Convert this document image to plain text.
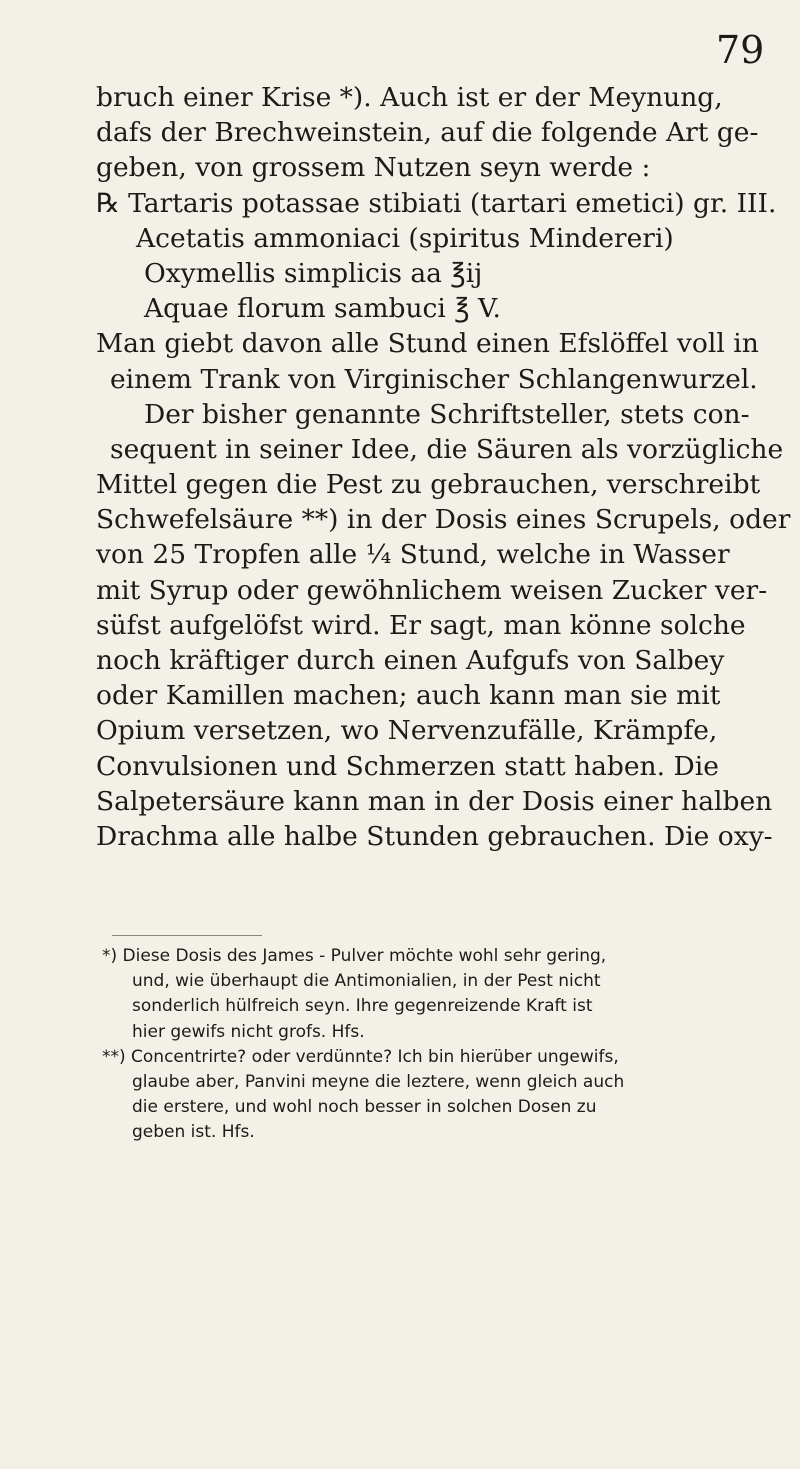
79
bruch einer Krise *). Auch ist er der Meynung,
dafs der Brechweinstein, auf die folgende Art ge-
geben, von grossem Nutzen seyn werde :
℞ Tartaris potassae stibiati (tartari emetici) gr. III.
Acetatis ammoniaci (spiritus Mindereri)
Oxymellis simplicis aa ℥ij
Aquae florum sambuci ℥ V.
Man giebt davon alle Stund einen Efslöffel voll in
einem Trank von Virginischer Schlangenwurzel.
Der bisher genannte Schriftsteller, stets con-
sequent in seiner Idee, die Säuren als vorzügliche
Mittel gegen die Pest zu gebrauchen, verschreibt
Schwefelsäure **) in der Dosis eines Scrupels, oder
von 25 Tropfen alle ¼ Stund, welche in Wasser
mit Syrup oder gewöhnlichem weisen Zucker ver-
süfst aufgelöfst wird. Er sagt, man könne solche
noch kräftiger durch einen Aufgufs von Salbey
oder Kamillen machen; auch kann man sie mit
Opium versetzen, wo Nervenzufälle, Krämpfe,
Convulsionen und Schmerzen statt haben. Die
Salpetersäure kann man in der Dosis einer halben
Drachma alle halbe Stunden gebrauchen. Die oxy-
*) Diese Dosis des James - Pulver möchte wohl sehr gering,
und, wie überhaupt die Antimonialien, in der Pest nicht
sonderlich hülfreich seyn. Ihre gegenreizende Kraft ist
hier gewifs nicht grofs. Hfs.
**) Concentrirte? oder verdünnte? Ich bin hierüber ungewifs,
glaube aber, Panvini meyne die leztere, wenn gleich auch
die erstere, und wohl noch besser in solchen Dosen zu
geben ist. Hfs.
